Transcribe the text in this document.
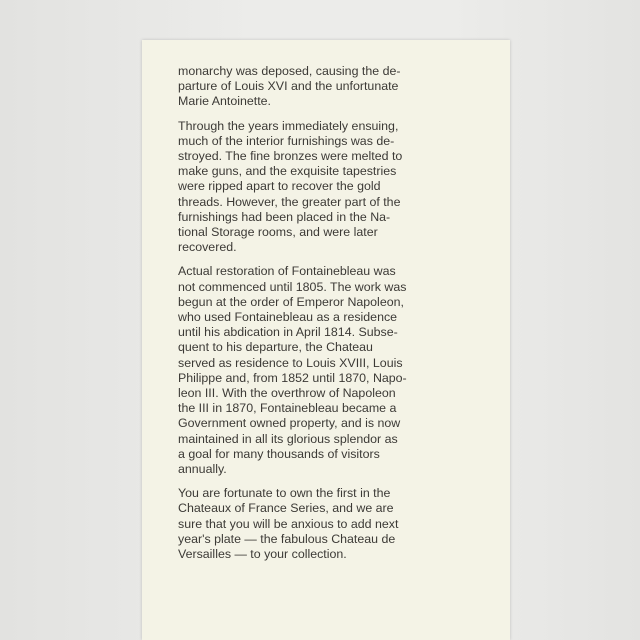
monarchy was deposed, causing the de-
parture of Louis XVI and the unfortunate
Marie Antoinette.

Through the years immediately ensuing,
much of the interior furnishings was de-
stroyed. The fine bronzes were melted to
make guns, and the exquisite tapestries
were ripped apart to recover the gold
threads. However, the greater part of the
furnishings had been placed in the Na-
tional Storage rooms, and were later
recovered.

Actual restoration of Fontainebleau was
not commenced until 1805. The work was
begun at the order of Emperor Napoleon,
who used Fontainebleau as a residence
until his abdication in April 1814. Subse-
quent to his departure, the Chateau
served as residence to Louis XVIII, Louis
Philippe and, from 1852 until 1870, Napo-
leon III. With the overthrow of Napoleon
the III in 1870, Fontainebleau became a
Government owned property, and is now
maintained in all its glorious splendor as
a goal for many thousands of visitors
annually.

You are fortunate to own the first in the
Chateaux of France Series, and we are
sure that you will be anxious to add next
year's plate — the fabulous Chateau de
Versailles — to your collection.
